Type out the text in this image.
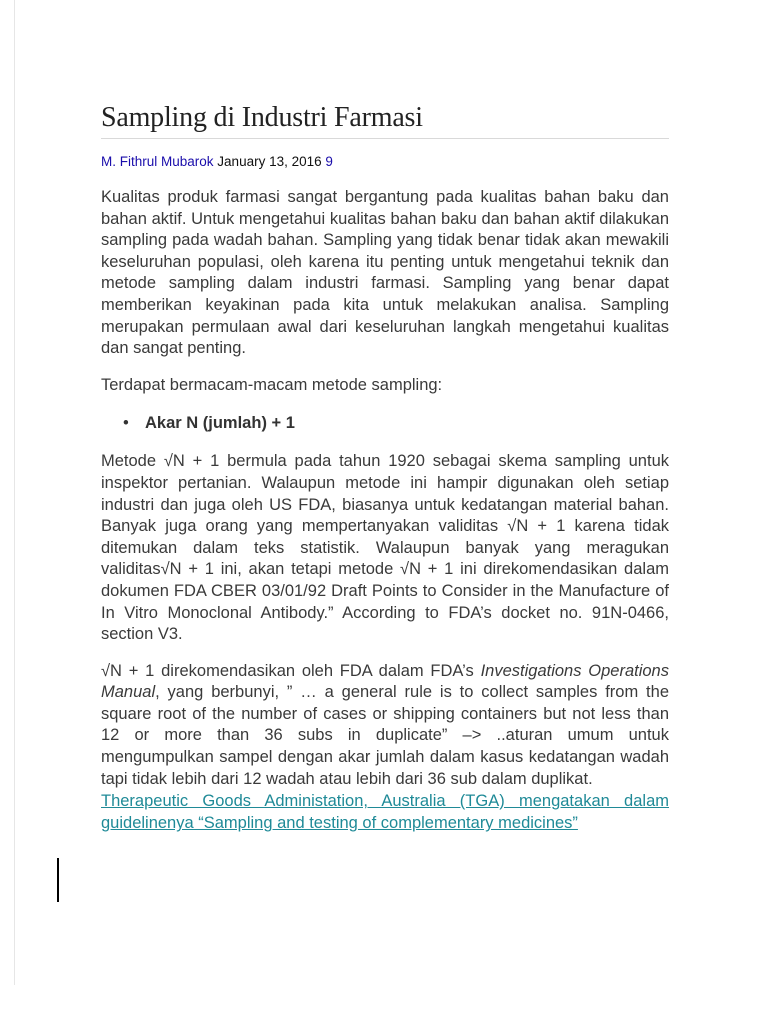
Sampling di Industri Farmasi
M. Fithrul Mubarok January 13, 2016 9

Kualitas produk farmasi sangat bergantung pada kualitas bahan baku dan bahan aktif. Untuk mengetahui kualitas bahan baku dan bahan aktif dilakukan sampling pada wadah bahan. Sampling yang tidak benar tidak akan mewakili keseluruhan populasi, oleh karena itu penting untuk mengetahui teknik dan metode sampling dalam industri farmasi. Sampling yang benar dapat memberikan keyakinan pada kita untuk melakukan analisa. Sampling merupakan permulaan awal dari keseluruhan langkah mengetahui kualitas dan sangat penting.

Terdapat bermacam-macam metode sampling:

• Akar N (jumlah) + 1

Metode √N + 1 bermula pada tahun 1920 sebagai skema sampling untuk inspektor pertanian. Walaupun metode ini hampir digunakan oleh setiap industri dan juga oleh US FDA, biasanya untuk kedatangan material bahan. Banyak juga orang yang mempertanyakan validitas √N + 1 karena tidak ditemukan dalam teks statistik. Walaupun banyak yang meragukan validitas√N + 1 ini, akan tetapi metode √N + 1 ini direkomendasikan dalam dokumen FDA CBER 03/01/92 Draft Points to Consider in the Manufacture of In Vitro Monoclonal Antibody.” According to FDA’s docket no. 91N-0466, section V3.

√N + 1 direkomendasikan oleh FDA dalam FDA’s Investigations Operations Manual, yang berbunyi, ” … a general rule is to collect samples from the square root of the number of cases or shipping containers but not less than 12 or more than 36 subs in duplicate” –> ..aturan umum untuk mengumpulkan sampel dengan akar jumlah dalam kasus kedatangan wadah tapi tidak lebih dari 12 wadah atau lebih dari 36 sub dalam duplikat.

Therapeutic Goods Administation, Australia (TGA) mengatakan dalam guidelinenya “Sampling and testing of complementary medicines”
